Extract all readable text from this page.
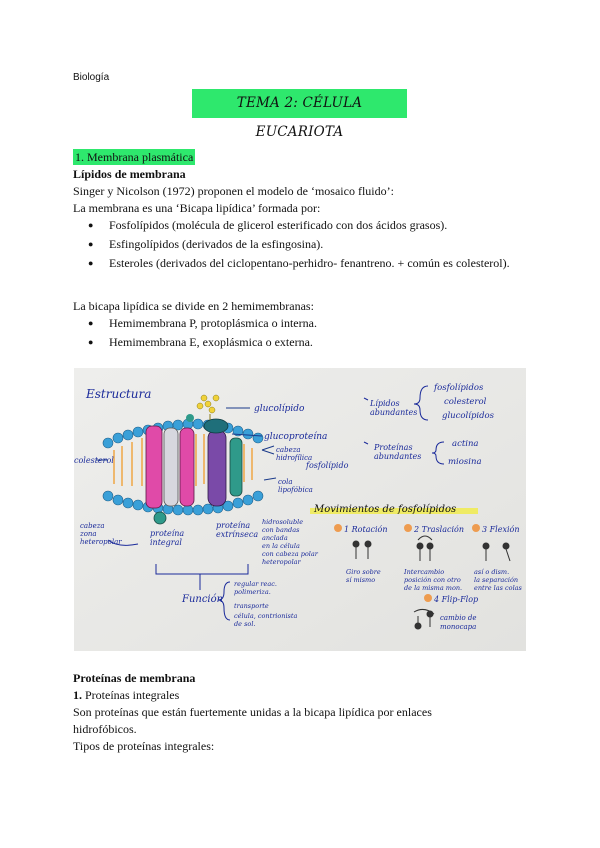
Biología
TEMA 2: CÉLULA EUCARIOTA
1. Membrana plasmática
Lípidos de membrana
Singer y Nicolson (1972) proponen el modelo de ‘mosaico fluido’:
La membrana es una ‘Bicapa lipídica’ formada por:
● Fosfolípidos (molécula de glicerol esterificado con dos ácidos grasos).
● Esfingolípidos (derivados de la esfingosina).
● Esteroles (derivados del ciclopentano-perhidro- fenantreno. + común es colesterol).
La bicapa lipídica se divide en 2 hemimembranas:
● Hemimembrana P, protoplásmica o interna.
● Hemimembrana E, exoplásmica o externa.
Estructura
glucolípido
glucoproteína
colesterol
cabeza
hidrofílica
fosfolípido
cola
lipofóbica
cabeza
zona
heteropolar
proteína
integral
proteína
extrínseca
hidrosoluble
con bandas
anclada
en la célula
con cabeza polar
heteropolar
Función
regular reac.
polimeriza.
transporte
célula, contrionista
de sol.
Lípidos
abundantes
fosfolípidos
colesterol
glucolípidos
Proteínas
abundantes
actina
miosina
Movimientos de fosfolípidos
1 Rotación	2 Traslación 3 Flexión
Giro sobre
sí mismo
Intercambio
posición con otro
de la misma mon.
así o dism.
la separación
entre las colas
4 Flip-Flop
cambio de
monocapa
Proteínas de membrana
1. Proteínas integrales
Son proteínas que están fuertemente unidas a la bicapa lipídica por enlaces
hidrofóbicos.
Tipos de proteínas integrales:
